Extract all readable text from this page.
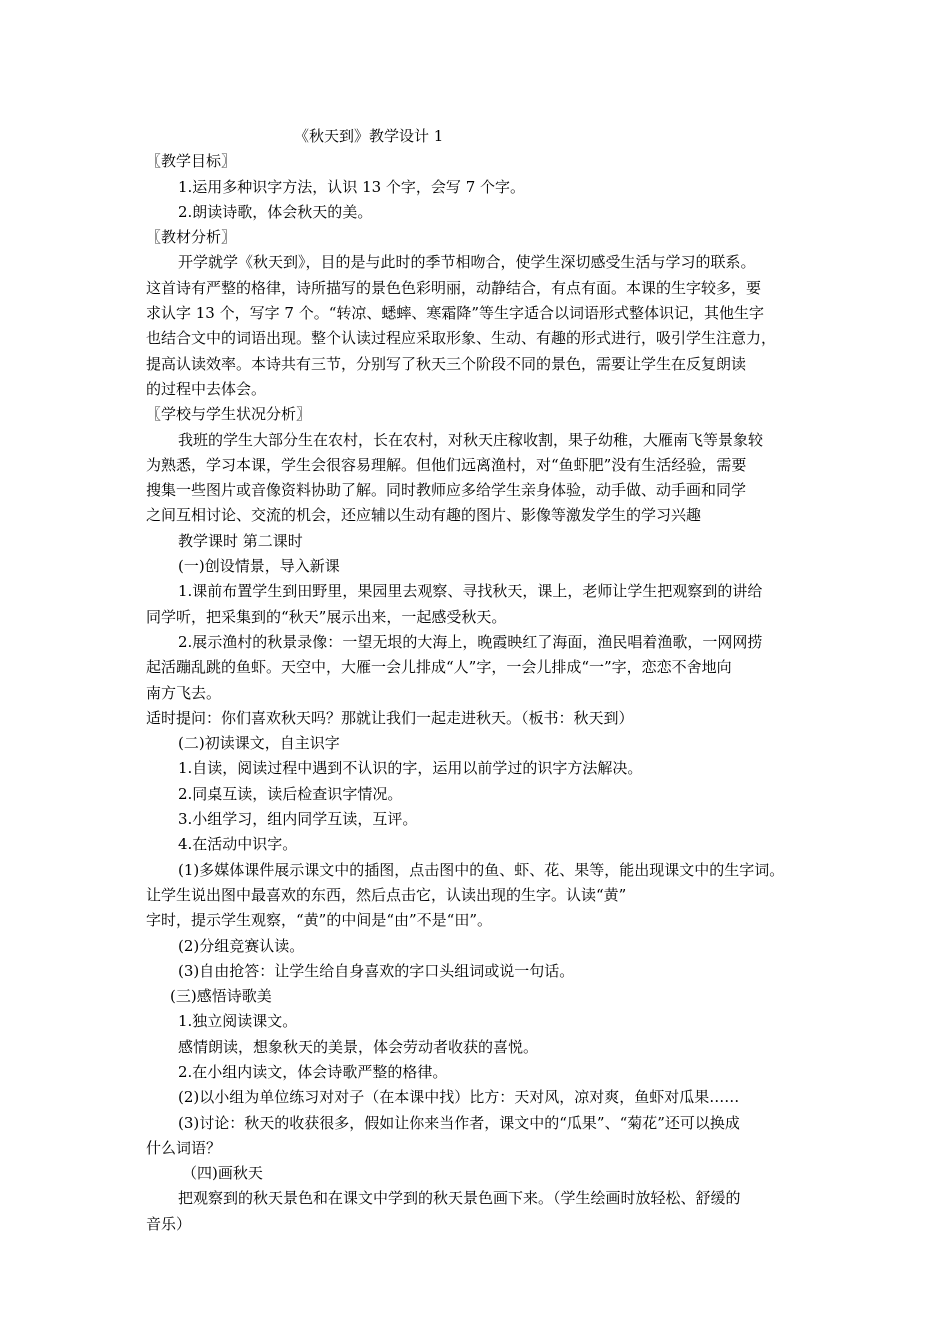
《秋天到》教学设计 1

〖教学目标〗

1.运用多种识字方法，认识 13 个字，会写 7 个字。

2.朗读诗歌，体会秋天的美。

〖教材分析〗

开学就学《秋天到》，目的是与此时的季节相吻合，使学生深切感受生活与学习的联系。

这首诗有严整的格律，诗所描写的景色色彩明丽，动静结合，有点有面。本课的生字较多，要

求认字 13 个，写字 7 个。“转凉、蟋蟀、寒霜降”等生字适合以词语形式整体识记，其他生字

也结合文中的词语出现。整个认读过程应采取形象、生动、有趣的形式进行，吸引学生注意力，

提高认读效率。本诗共有三节，分别写了秋天三个阶段不同的景色，需要让学生在反复朗读

的过程中去体会。

〖学校与学生状况分析〗

我班的学生大部分生在农村，长在农村，对秋天庄稼收割，果子幼稚，大雁南飞等景象较

为熟悉，学习本课，学生会很容易理解。但他们远离渔村，对“鱼虾肥”没有生活经验，需要

搜集一些图片或音像资料协助了解。同时教师应多给学生亲身体验，动手做、动手画和同学

之间互相讨论、交流的机会，还应辅以生动有趣的图片、影像等激发学生的学习兴趣

教学课时 第二课时

(一)创设情景，导入新课

1.课前布置学生到田野里，果园里去观察、寻找秋天，课上，老师让学生把观察到的讲给

同学听，把采集到的“秋天”展示出来，一起感受秋天。

2.展示渔村的秋景录像：一望无垠的大海上，晚霞映红了海面，渔民唱着渔歌，一网网捞

起活蹦乱跳的鱼虾。天空中，大雁一会儿排成“人”字，一会儿排成“一”字，恋恋不舍地向

南方飞去。

适时提问：你们喜欢秋天吗？那就让我们一起走进秋天。（板书：秋天到）

(二)初读课文，自主识字

1.自读，阅读过程中遇到不认识的字，运用以前学过的识字方法解决。

2.同桌互读，读后检查识字情况。

3.小组学习，组内同学互读，互评。

4.在活动中识字。

(1)多媒体课件展示课文中的插图，点击图中的鱼、虾、花、果等，能出现课文中的生字词。

让学生说出图中最喜欢的东西，然后点击它，认读出现的生字。认读“黄”

字时，提示学生观察，“黄”的中间是“由”不是“田”。

(2)分组竞赛认读。

(3)自由抢答：让学生给自身喜欢的字口头组词或说一句话。

(三)感悟诗歌美

1.独立阅读课文。

感情朗读，想象秋天的美景，体会劳动者收获的喜悦。

2.在小组内读文，体会诗歌严整的格律。

(2)以小组为单位练习对对子（在本课中找）比方：天对风，凉对爽，鱼虾对瓜果……

(3)讨论：秋天的收获很多，假如让你来当作者，课文中的“瓜果”、“菊花”还可以换成

什么词语？

（四)画秋天

把观察到的秋天景色和在课文中学到的秋天景色画下来。（学生绘画时放轻松、舒缓的

音乐）
